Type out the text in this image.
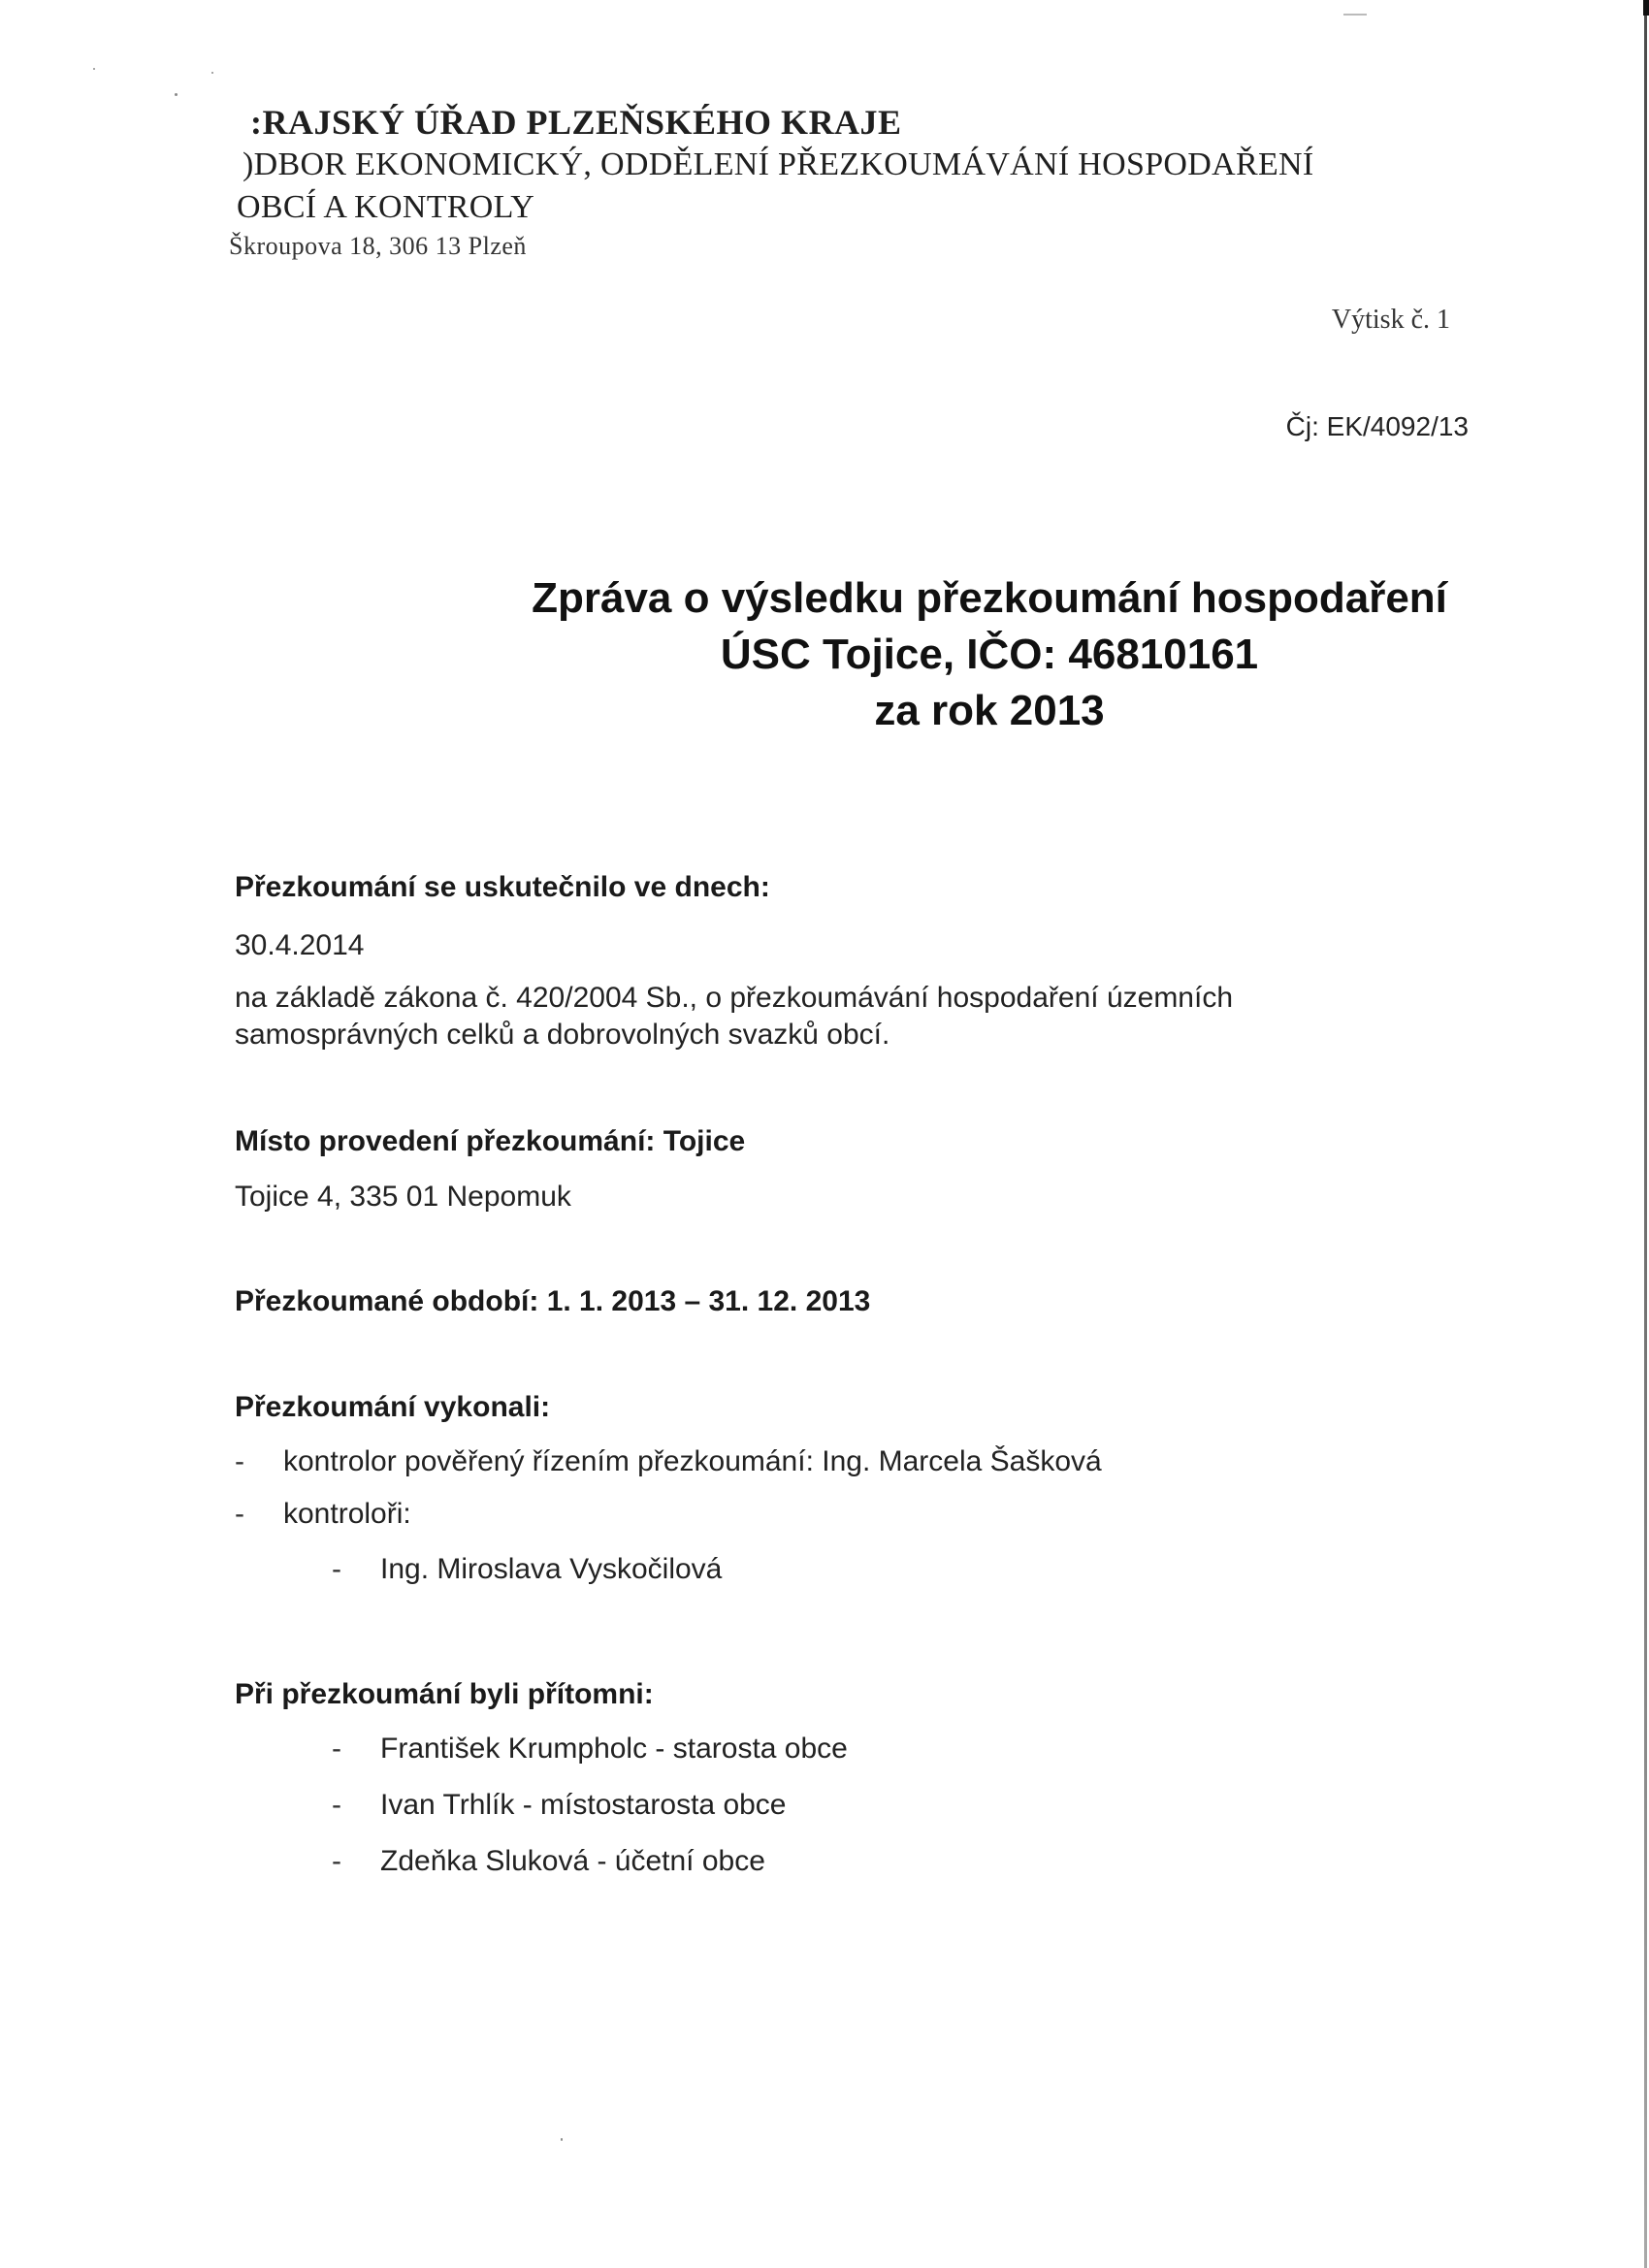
:RAJSKÝ ÚŘAD PLZEŇSKÉHO KRAJE

)DBOR EKONOMICKÝ, ODDĚLENÍ PŘEZKOUMÁVÁNÍ HOSPODAŘENÍ

OBCÍ A KONTROLY

Škroupova 18, 306 13 Plzeň

Výtisk č. 1
Čj: EK/4092/13
Zpráva o výsledku přezkoumání hospodaření
ÚSC Tojice, IČO: 46810161
za rok 2013

Přezkoumání se uskutečnilo ve dnech:

30.4.2014

na základě zákona č. 420/2004 Sb., o přezkoumávání hospodaření územních

samosprávných celků a dobrovolných svazků obcí.

Místo provedení přezkoumání: Tojice

Tojice 4, 335 01 Nepomuk

Přezkoumané období: 1. 1. 2013 – 31. 12. 2013

Přezkoumání vykonali:

- kontrolor pověřený řízením přezkoumání: Ing. Marcela Šašková
- kontroloři:
- Ing. Miroslava Vyskočilová

Při přezkoumání byli přítomni:

- František Krumpholc - starosta obce
- Ivan Trhlík - místostarosta obce
- Zdeňka Sluková - účetní obce
